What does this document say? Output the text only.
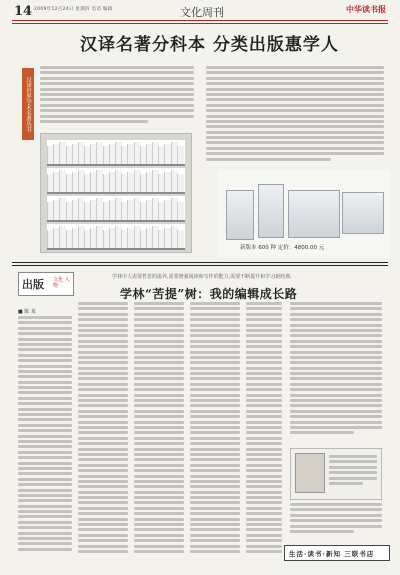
14 2009年12月24日 星期四 电话 编辑	文化周刊	中华读书报
汉译名著分科本 分类出版惠学人
汉译世界学术名著丛书
新版本 600 种 定价：4800.00 元
出版 文化 人物
学林中人需要哲思的滋养,需要增强阅读和写作的能力,需要不断提升和学习新经典.
学林“苦提”树：我的编辑成长路
■ 陈 某
生活·读书·新知 三联书店
